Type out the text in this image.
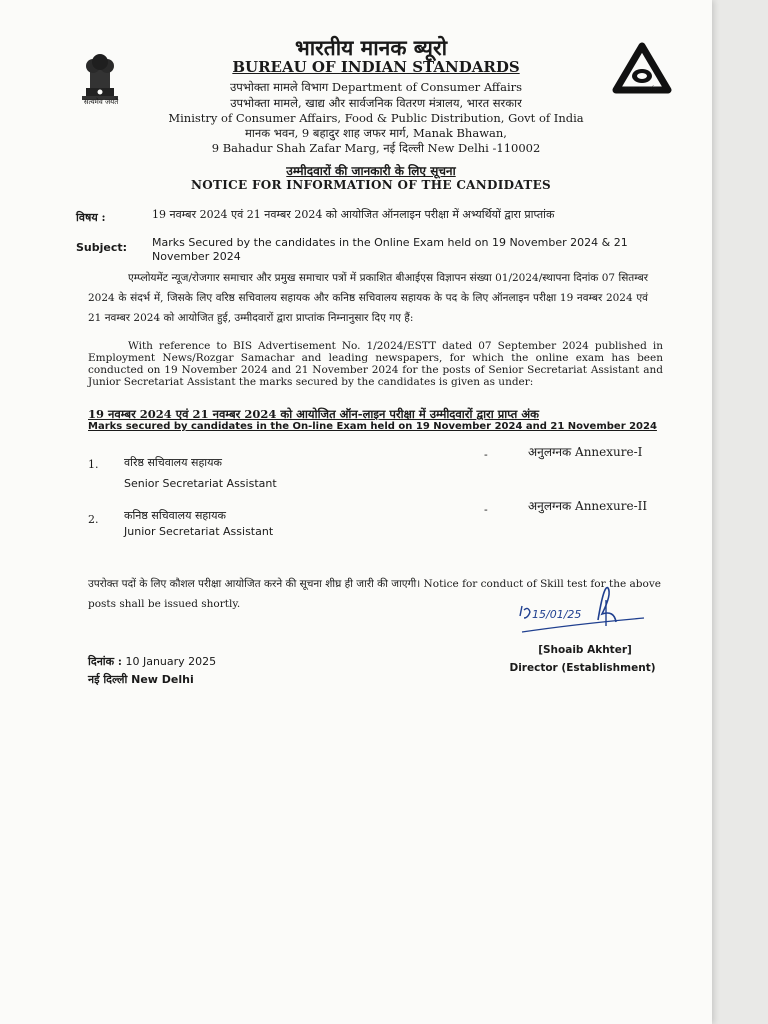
सत्यमेव जयते
मानक: पथप्रदर्शक:
भारतीय मानक ब्यूरो
BUREAU OF INDIAN STANDARDS
उपभोक्ता मामले विभाग Department of Consumer Affairs
उपभोक्ता मामले, खाद्य और सार्वजनिक वितरण मंत्रालय, भारत सरकार
Ministry of Consumer Affairs, Food & Public Distribution, Govt of India
मानक भवन, 9 बहादुर शाह जफर मार्ग, Manak Bhawan,
9 Bahadur Shah Zafar Marg, नई दिल्ली New Delhi -110002
उम्मीदवारों की जानकारी के लिए सूचना
NOTICE FOR INFORMATION OF THE CANDIDATES
विषय :	19 नवम्बर 2024 एवं 21 नवम्बर 2024 को आयोजित ऑनलाइन परीक्षा में अभ्यर्थियों द्वारा प्राप्तांक
Subject: Marks Secured by the candidates in the Online Exam held on 19 November 2024 & 21 November 2024
एम्प्लोयमेंट न्यूज/रोजगार समाचार और प्रमुख समाचार पत्रों में प्रकाशित बीआईएस विज्ञापन संख्या 01/2024/स्थापना दिनांक 07 सितम्बर 2024 के संदर्भ में, जिसके लिए वरिष्ठ सचिवालय सहायक और कनिष्ठ सचिवालय सहायक के पद के लिए ऑनलाइन परीक्षा 19 नवम्बर 2024 एवं 21 नवम्बर 2024 को आयोजित हुई, उम्मीदवारों द्वारा प्राप्तांक निम्नानुसार दिए गए हैं:
With reference to BIS Advertisement No. 1/2024/ESTT dated 07 September 2024 published in Employment News/Rozgar Samachar and leading newspapers, for which the online exam has been conducted on 19 November 2024 and 21 November 2024 for the posts of Senior Secretariat Assistant and Junior Secretariat Assistant the marks secured by the candidates is given as under:
19 नवम्बर 2024 एवं 21 नवम्बर 2024 को आयोजित ऑन-लाइन परीक्षा में उम्मीदवारों द्वारा प्राप्त अंक
Marks secured by candidates in the On-line Exam held on 19 November 2024 and 21 November 2024
1. वरिष्ठ सचिवालय सहायक
Senior Secretariat Assistant
-	अनुलग्नक Annexure-I
2. कनिष्ठ सचिवालय सहायक
Junior Secretariat Assistant
-	अनुलग्नक Annexure-II
उपरोक्त पदों के लिए कौशल परीक्षा आयोजित करने की सूचना शीघ्र ही जारी की जाएगी। Notice for conduct of Skill test for the above posts shall be issued shortly.
15/01/25
[Shoaib Akhter]
Director (Establishment)
दिनांक : 10 January 2025
नई दिल्ली New Delhi
